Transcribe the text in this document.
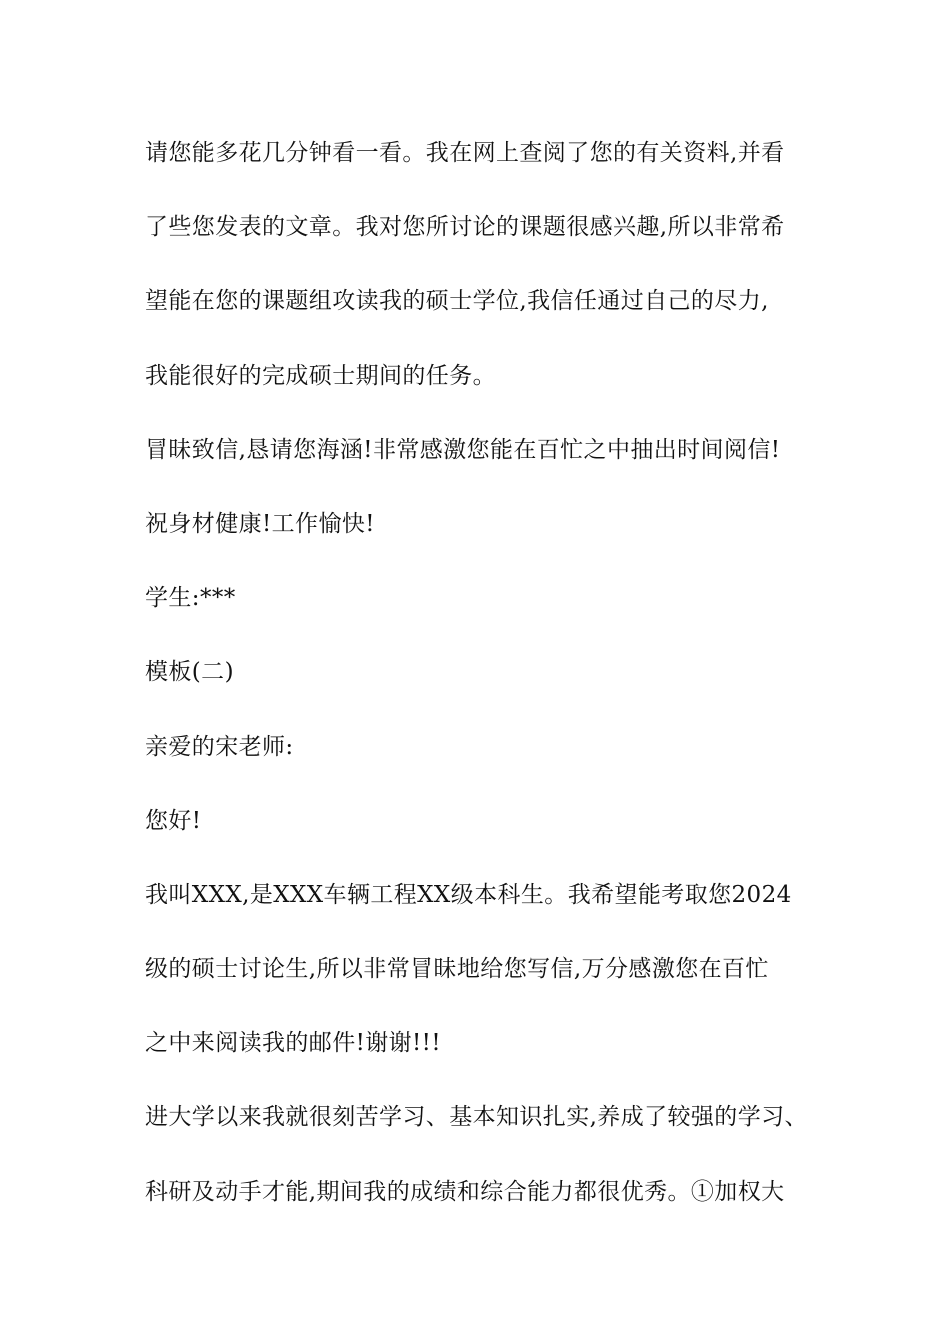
请您能多花几分钟看一看。我在网上查阅了您的有关资料,并看
了些您发表的文章。我对您所讨论的课题很感兴趣,所以非常希
望能在您的课题组攻读我的硕士学位,我信任通过自己的尽力,
我能很好的完成硕士期间的任务。
冒昧致信,恳请您海涵!非常感激您能在百忙之中抽出时间阅信!
祝身材健康!工作愉快!
学生:***
模板(二)
亲爱的宋老师:
您好!
我叫XXX,是XXX车辆工程XX级本科生。我希望能考取您2024
级的硕士讨论生,所以非常冒昧地给您写信,万分感激您在百忙
之中来阅读我的邮件!谢谢!!!
进大学以来我就很刻苦学习、基本知识扎实,养成了较强的学习、
科研及动手才能,期间我的成绩和综合能力都很优秀。①加权大
